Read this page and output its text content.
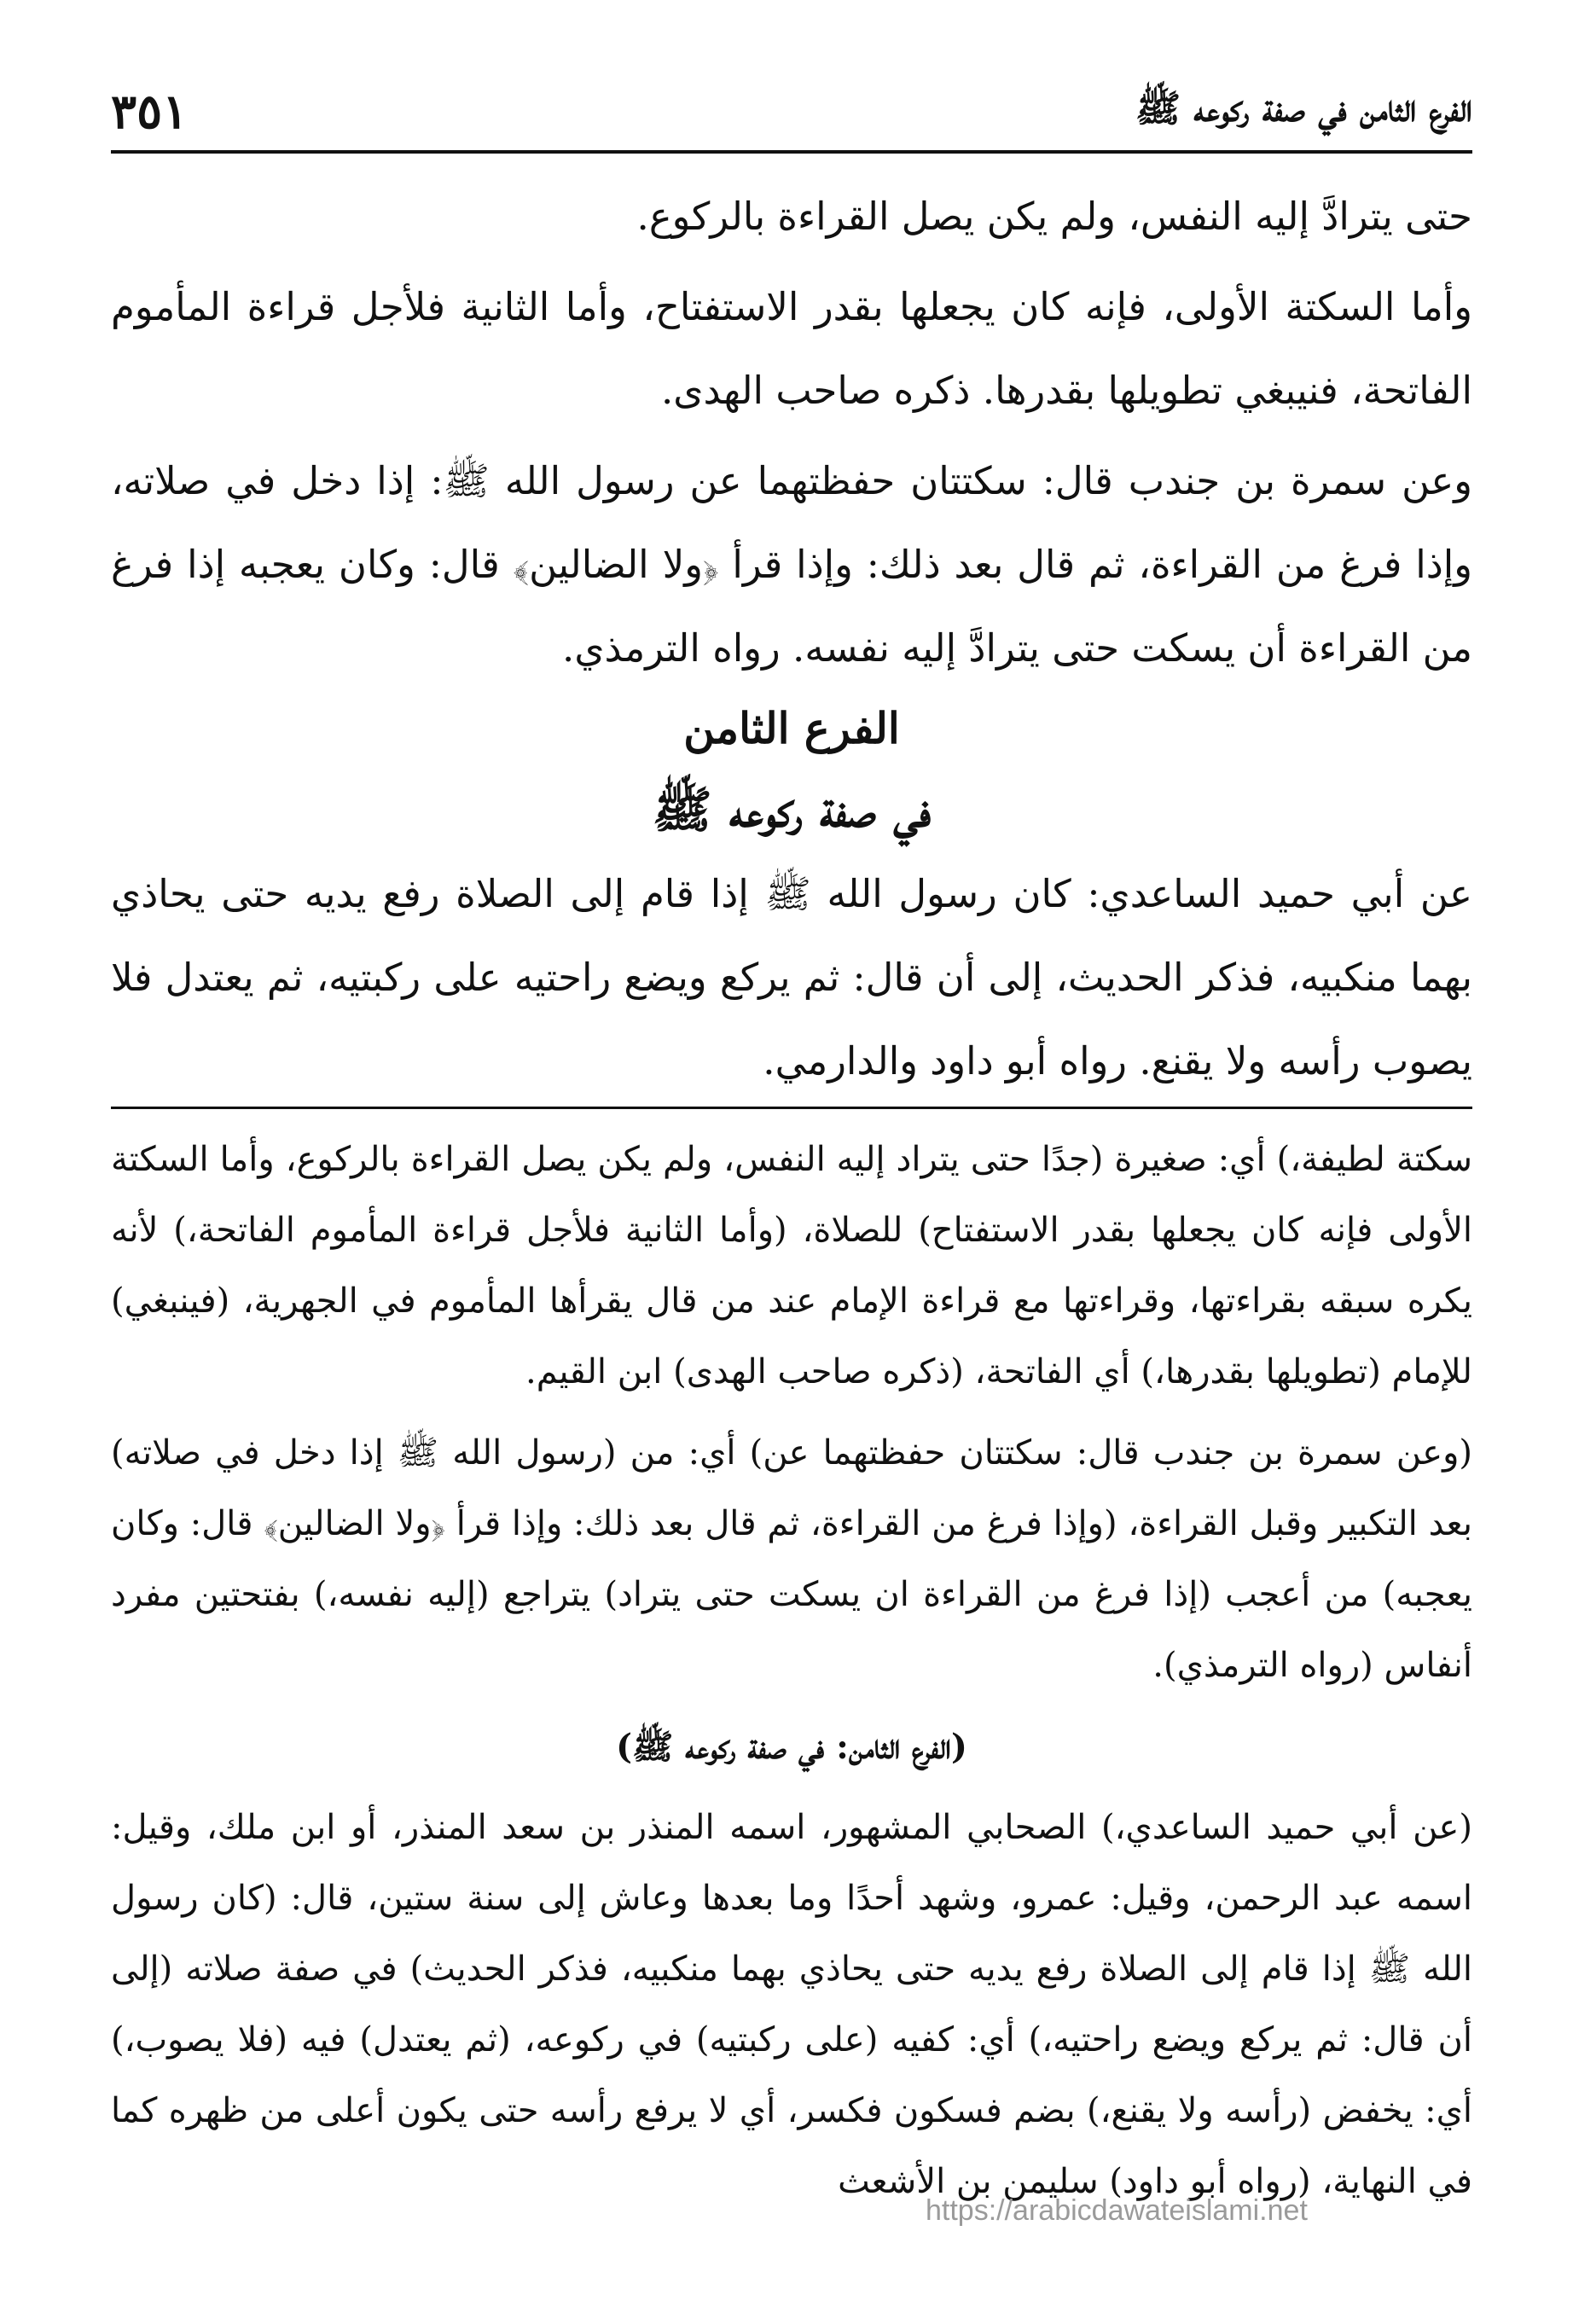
الفرع الثامن في صفة ركوعه ﷺ
٣٥١

حتى يترادَّ إليه النفس، ولم يكن يصل القراءة بالركوع.

وأما السكتة الأولى، فإنه كان يجعلها بقدر الاستفتاح، وأما الثانية فلأجل قراءة المأموم الفاتحة، فنيبغي تطويلها بقدرها. ذكره صاحب الهدى.

وعن سمرة بن جندب قال: سكتتان حفظتهما عن رسول الله ﷺ: إذا دخل في صلاته، وإذا فرغ من القراءة، ثم قال بعد ذلك: وإذا قرأ ﴿ولا الضالين﴾ قال: وكان يعجبه إذا فرغ من القراءة أن يسكت حتى يترادَّ إليه نفسه. رواه الترمذي.

الفرع الثامن

في صفة ركوعه ﷺ

عن أبي حميد الساعدي: كان رسول الله ﷺ إذا قام إلى الصلاة رفع يديه حتى يحاذي بهما منكبيه، فذكر الحديث، إلى أن قال: ثم يركع ويضع راحتيه على ركبتيه، ثم يعتدل فلا يصوب رأسه ولا يقنع. رواه أبو داود والدارمي.

سكتة لطيفة،) أي: صغيرة (جدًا حتى يتراد إليه النفس، ولم يكن يصل القراءة بالركوع، وأما السكتة الأولى فإنه كان يجعلها بقدر الاستفتاح) للصلاة، (وأما الثانية فلأجل قراءة المأموم الفاتحة،) لأنه يكره سبقه بقراءتها، وقراءتها مع قراءة الإمام عند من قال يقرأها المأموم في الجهرية، (فينبغي) للإمام (تطويلها بقدرها،) أي الفاتحة، (ذكره صاحب الهدى) ابن القيم.

(وعن سمرة بن جندب قال: سكتتان حفظتهما عن) أي: من (رسول الله ﷺ إذا دخل في صلاته) بعد التكبير وقبل القراءة، (وإذا فرغ من القراءة، ثم قال بعد ذلك: وإذا قرأ ﴿ولا الضالين﴾ قال: وكان يعجبه) من أعجب (إذا فرغ من القراءة ان يسكت حتى يتراد) يتراجع (إليه نفسه،) بفتحتين مفرد أنفاس (رواه الترمذي).

(الفرع الثامن: في صفة ركوعه ﷺ)

(عن أبي حميد الساعدي،) الصحابي المشهور، اسمه المنذر بن سعد المنذر، أو ابن ملك، وقيل: اسمه عبد الرحمن، وقيل: عمرو، وشهد أحدًا وما بعدها وعاش إلى سنة ستين، قال: (كان رسول الله ﷺ إذا قام إلى الصلاة رفع يديه حتى يحاذي بهما منكبيه، فذكر الحديث) في صفة صلاته (إلى أن قال: ثم يركع ويضع راحتيه،) أي: كفيه (على ركبتيه) في ركوعه، (ثم يعتدل) فيه (فلا يصوب،) أي: يخفض (رأسه ولا يقنع،) بضم فسكون فكسر، أي لا يرفع رأسه حتى يكون أعلى من ظهره كما في النهاية، (رواه أبو داود) سليمن بن الأشعث

https://arabicdawateislami.net
